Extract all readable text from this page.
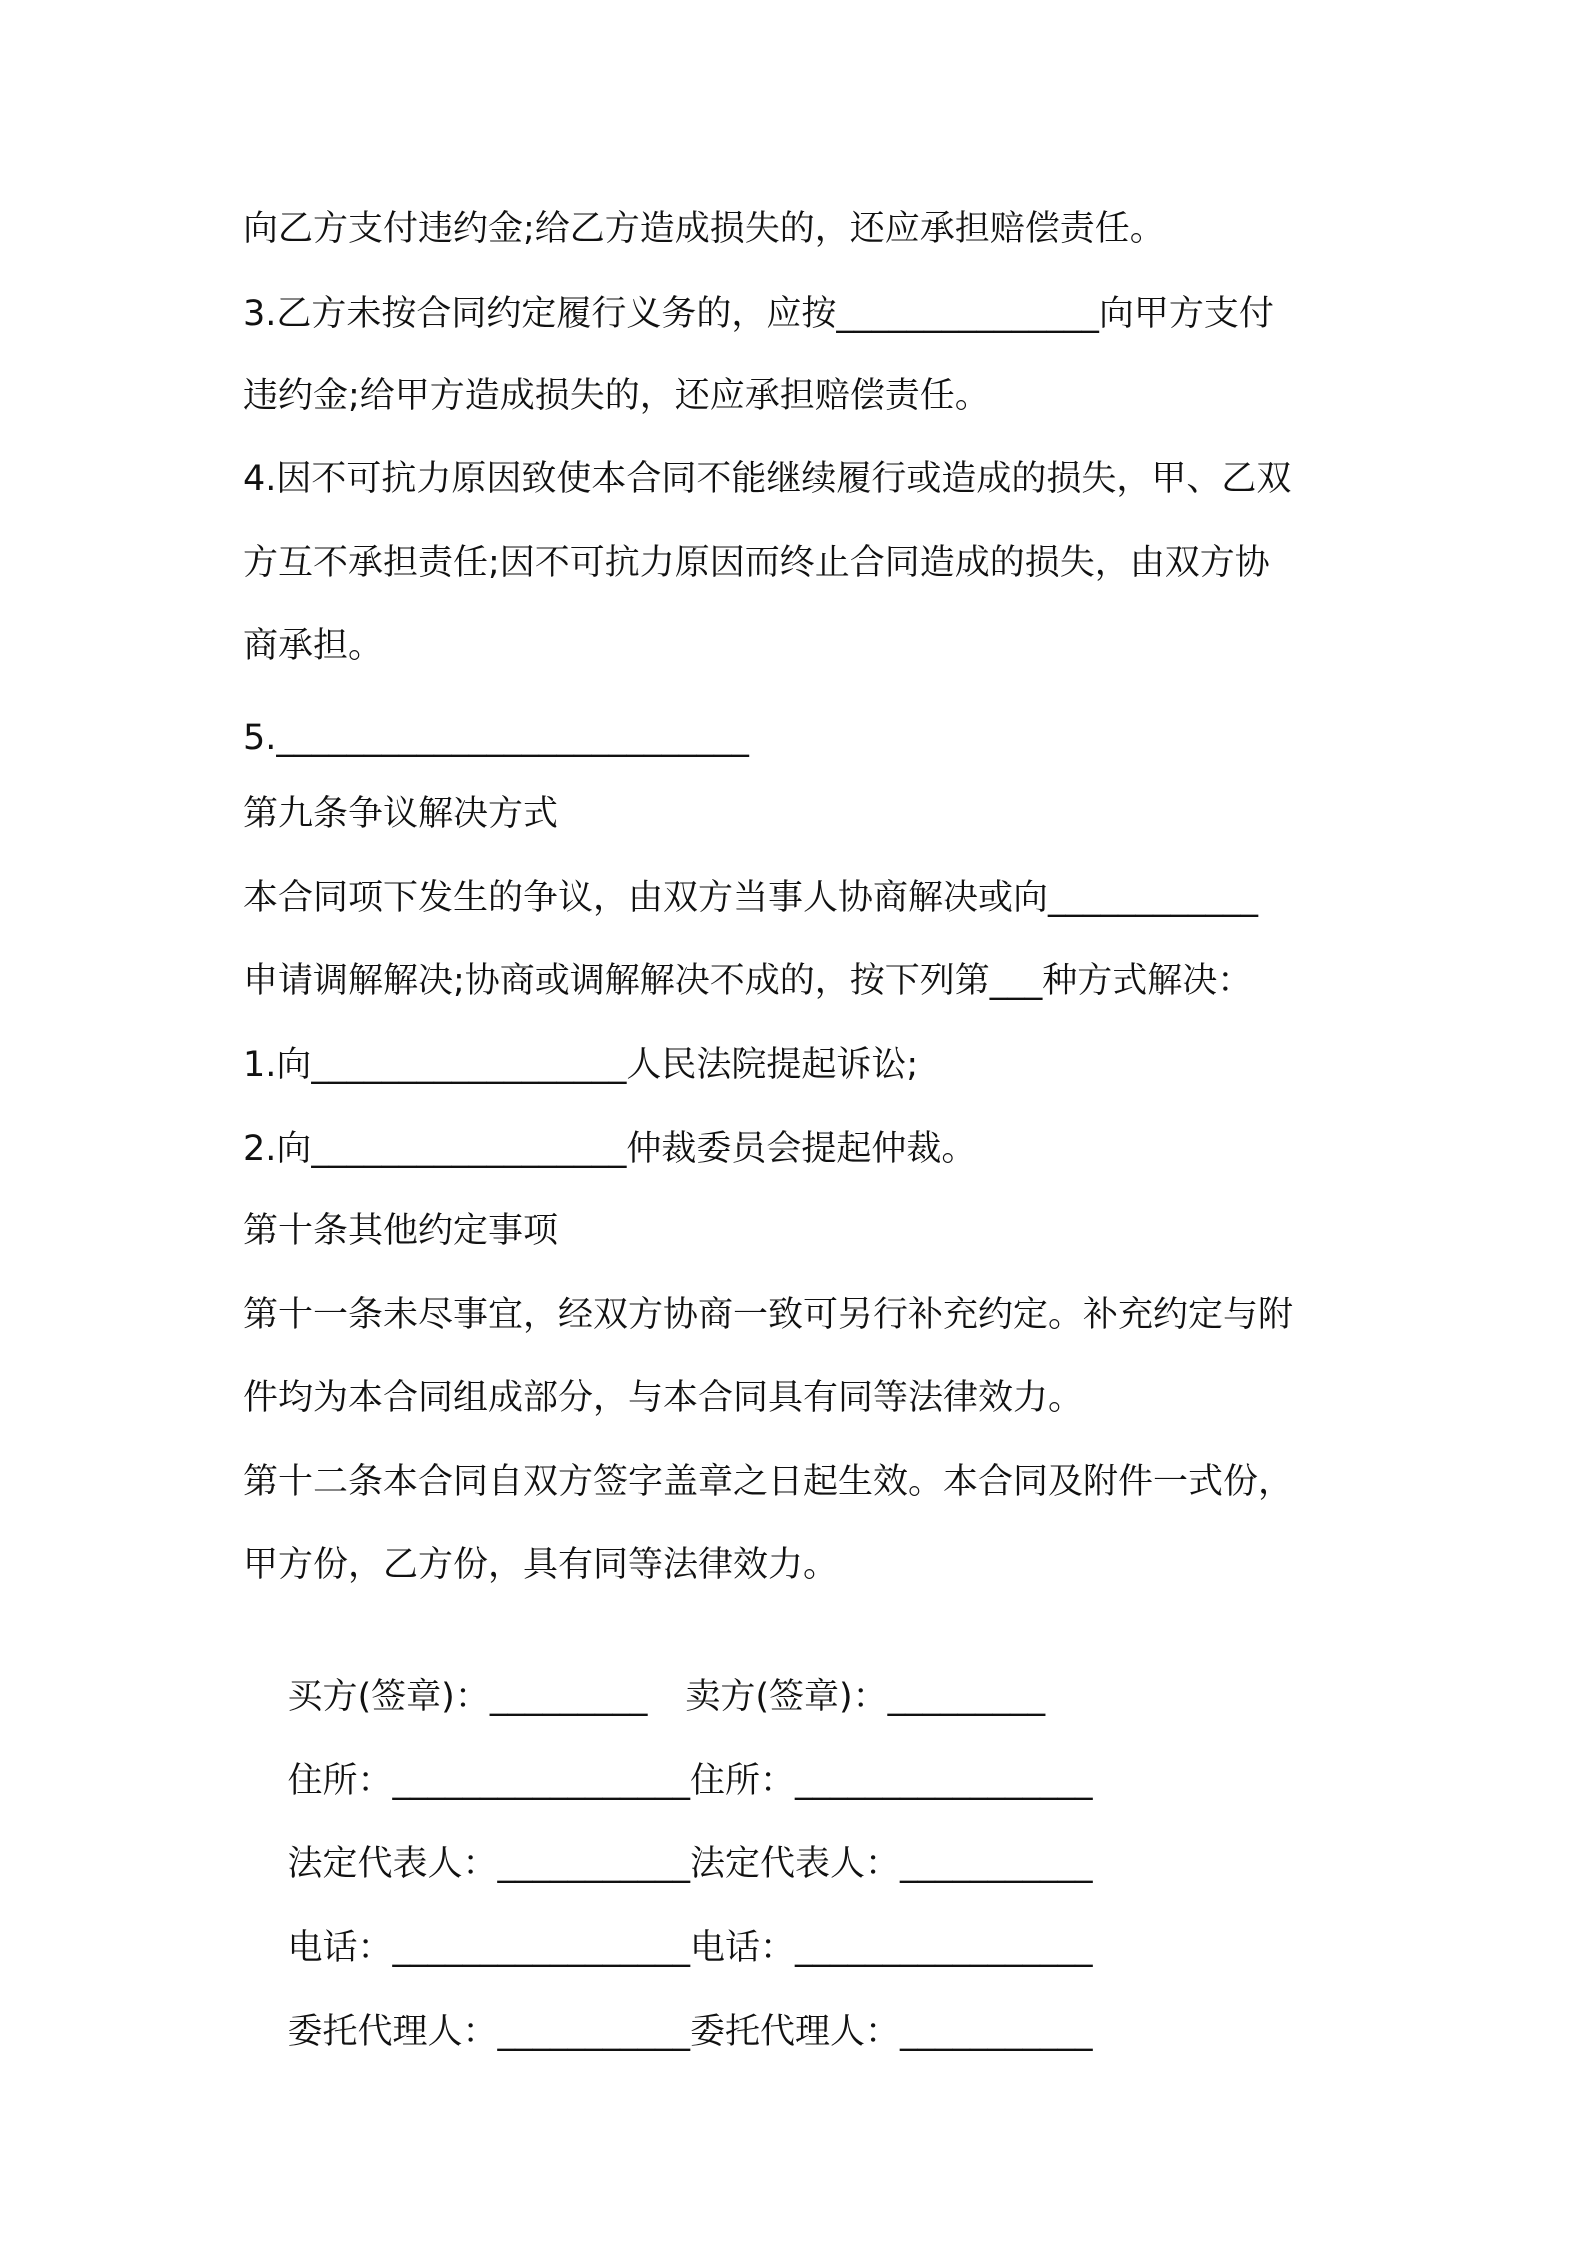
向乙方支付违约金;给乙方造成损失的，还应承担赔偿责任。
3.乙方未按合同约定履行义务的，应按_______________向甲方支付
违约金;给甲方造成损失的，还应承担赔偿责任。
4.因不可抗力原因致使本合同不能继续履行或造成的损失，甲、乙双
方互不承担责任;因不可抗力原因而终止合同造成的损失，由双方协
商承担。
5.___________________________
第九条争议解决方式
本合同项下发生的争议，由双方当事人协商解决或向____________
申请调解解决;协商或调解解决不成的，按下列第___种方式解决：
1.向__________________人民法院提起诉讼;
2.向__________________仲裁委员会提起仲裁。
第十条其他约定事项
第十一条未尽事宜，经双方协商一致可另行补充约定。补充约定与附
件均为本合同组成部分，与本合同具有同等法律效力。
第十二条本合同自双方签字盖章之日起生效。本合同及附件一式份，
甲方份，乙方份，具有同等法律效力。

买方(签章)：_________ 卖方(签章)：_________

住所：_________________住所：_________________

法定代表人：___________法定代表人：___________

电话：_________________电话：_________________

委托代理人：___________委托代理人：___________
